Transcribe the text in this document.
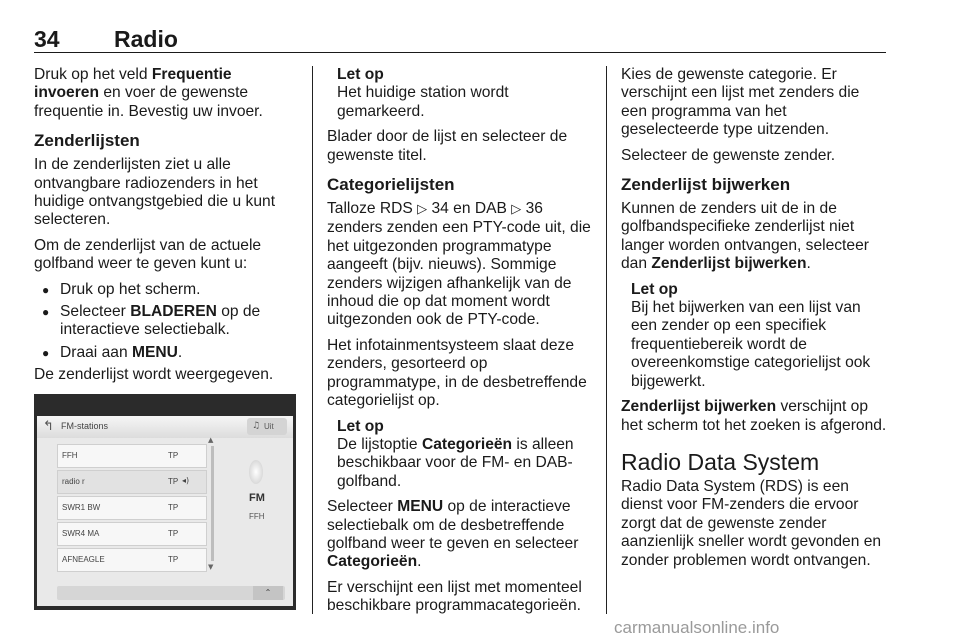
34 Radio

Druk op het veld Frequentie invoeren en voer de gewenste frequentie in. Bevestig uw invoer.

Zenderlijsten

In de zenderlijsten ziet u alle ontvangbare radiozenders in het huidige ontvangstgebied die u kunt selecteren.

Om de zenderlijst van de actuele golfband weer te geven kunt u:

● Druk op het scherm.
● Selecteer BLADEREN op de interactieve selectiebalk.
● Draai aan MENU.

De zenderlijst wordt weergegeven.

↰ FM-stations	♫ Uit
FFH	TP
radio r	TP ◂)
SWR1 BW	TP
SWR4 MA	TP
AFNEAGLE	TP
▲
▼
FM
FFH
⌃
Let op
Het huidige station wordt gemarkeerd.

Blader door de lijst en selecteer de gewenste titel.

Categorielijsten

Talloze RDS ▷ 34 en DAB ▷ 36 zenders zenden een PTY-code uit, die het uitgezonden programmatype aangeeft (bijv. nieuws). Sommige zenders wijzigen afhankelijk van de inhoud die op dat moment wordt uitgezonden ook de PTY-code.

Het infotainmentsysteem slaat deze zenders, gesorteerd op programmatype, in de desbetreffende categorielijst op.

Let op
De lijstoptie Categorieën is alleen beschikbaar voor de FM- en DAB-golfband.

Selecteer MENU op de interactieve selectiebalk om de desbetreffende golfband weer te geven en selecteer Categorieën.

Er verschijnt een lijst met momenteel beschikbare programmacategorieën.

Kies de gewenste categorie. Er verschijnt een lijst met zenders die een programma van het geselecteerde type uitzenden.

Selecteer de gewenste zender.

Zenderlijst bijwerken

Kunnen de zenders uit de in de golfbandspecifieke zenderlijst niet langer worden ontvangen, selecteer dan Zenderlijst bijwerken.

Let op
Bij het bijwerken van een lijst van een zender op een specifiek frequentiebereik wordt de overeenkomstige categorielijst ook bijgewerkt.

Zenderlijst bijwerken verschijnt op het scherm tot het zoeken is afgerond.

Radio Data System

Radio Data System (RDS) is een dienst voor FM-zenders die ervoor zorgt dat de gewenste zender aanzienlijk sneller wordt gevonden en zonder problemen wordt ontvangen.

carmanualsonline.info
